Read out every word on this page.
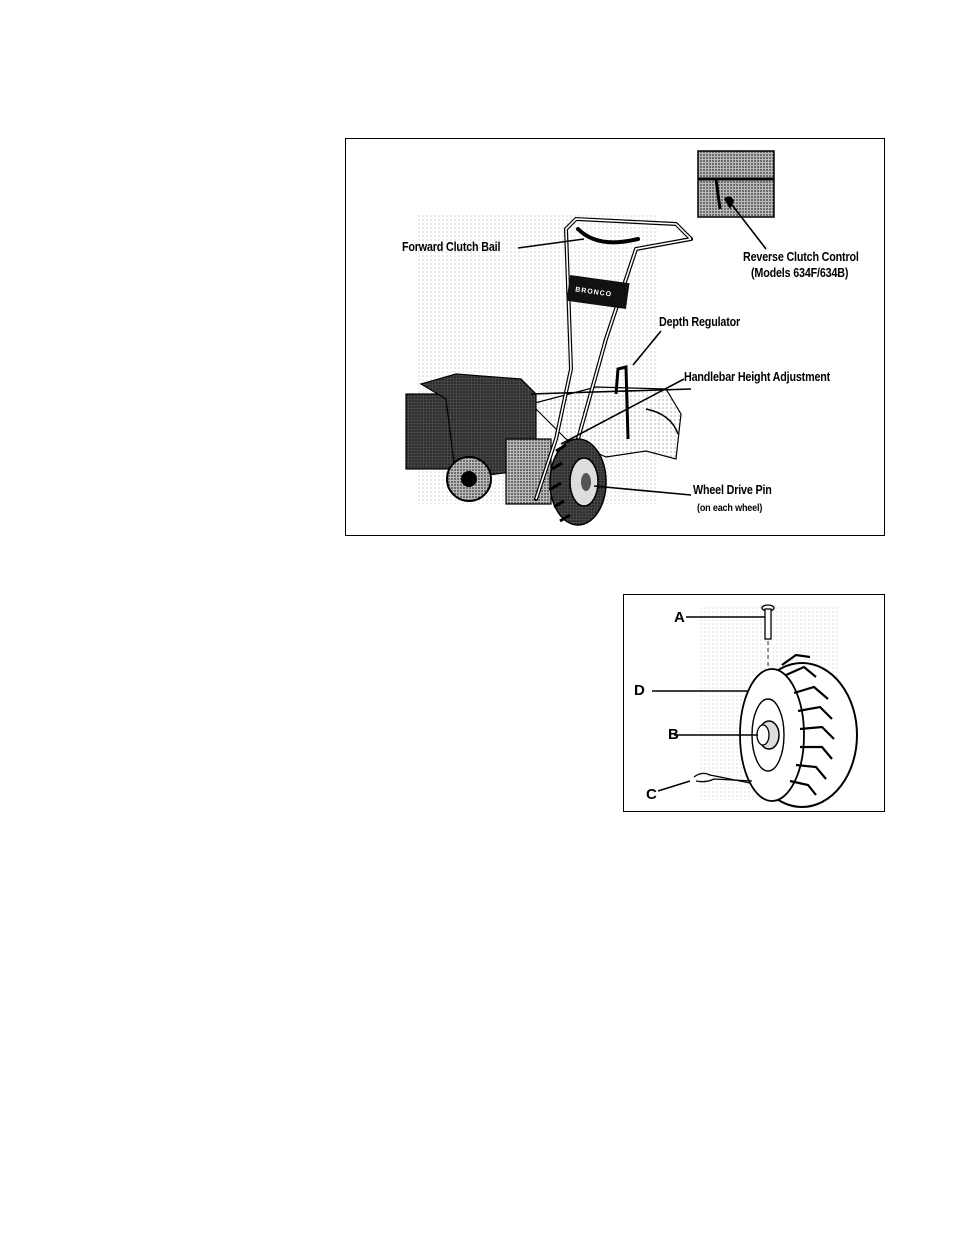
Forward Clutch Bail
Reverse Clutch Control
(Models 634F/634B)
Depth Regulator
Handlebar Height Adjustment
Wheel Drive Pin
(on each wheel)
BRONCO
A
D
B
C
